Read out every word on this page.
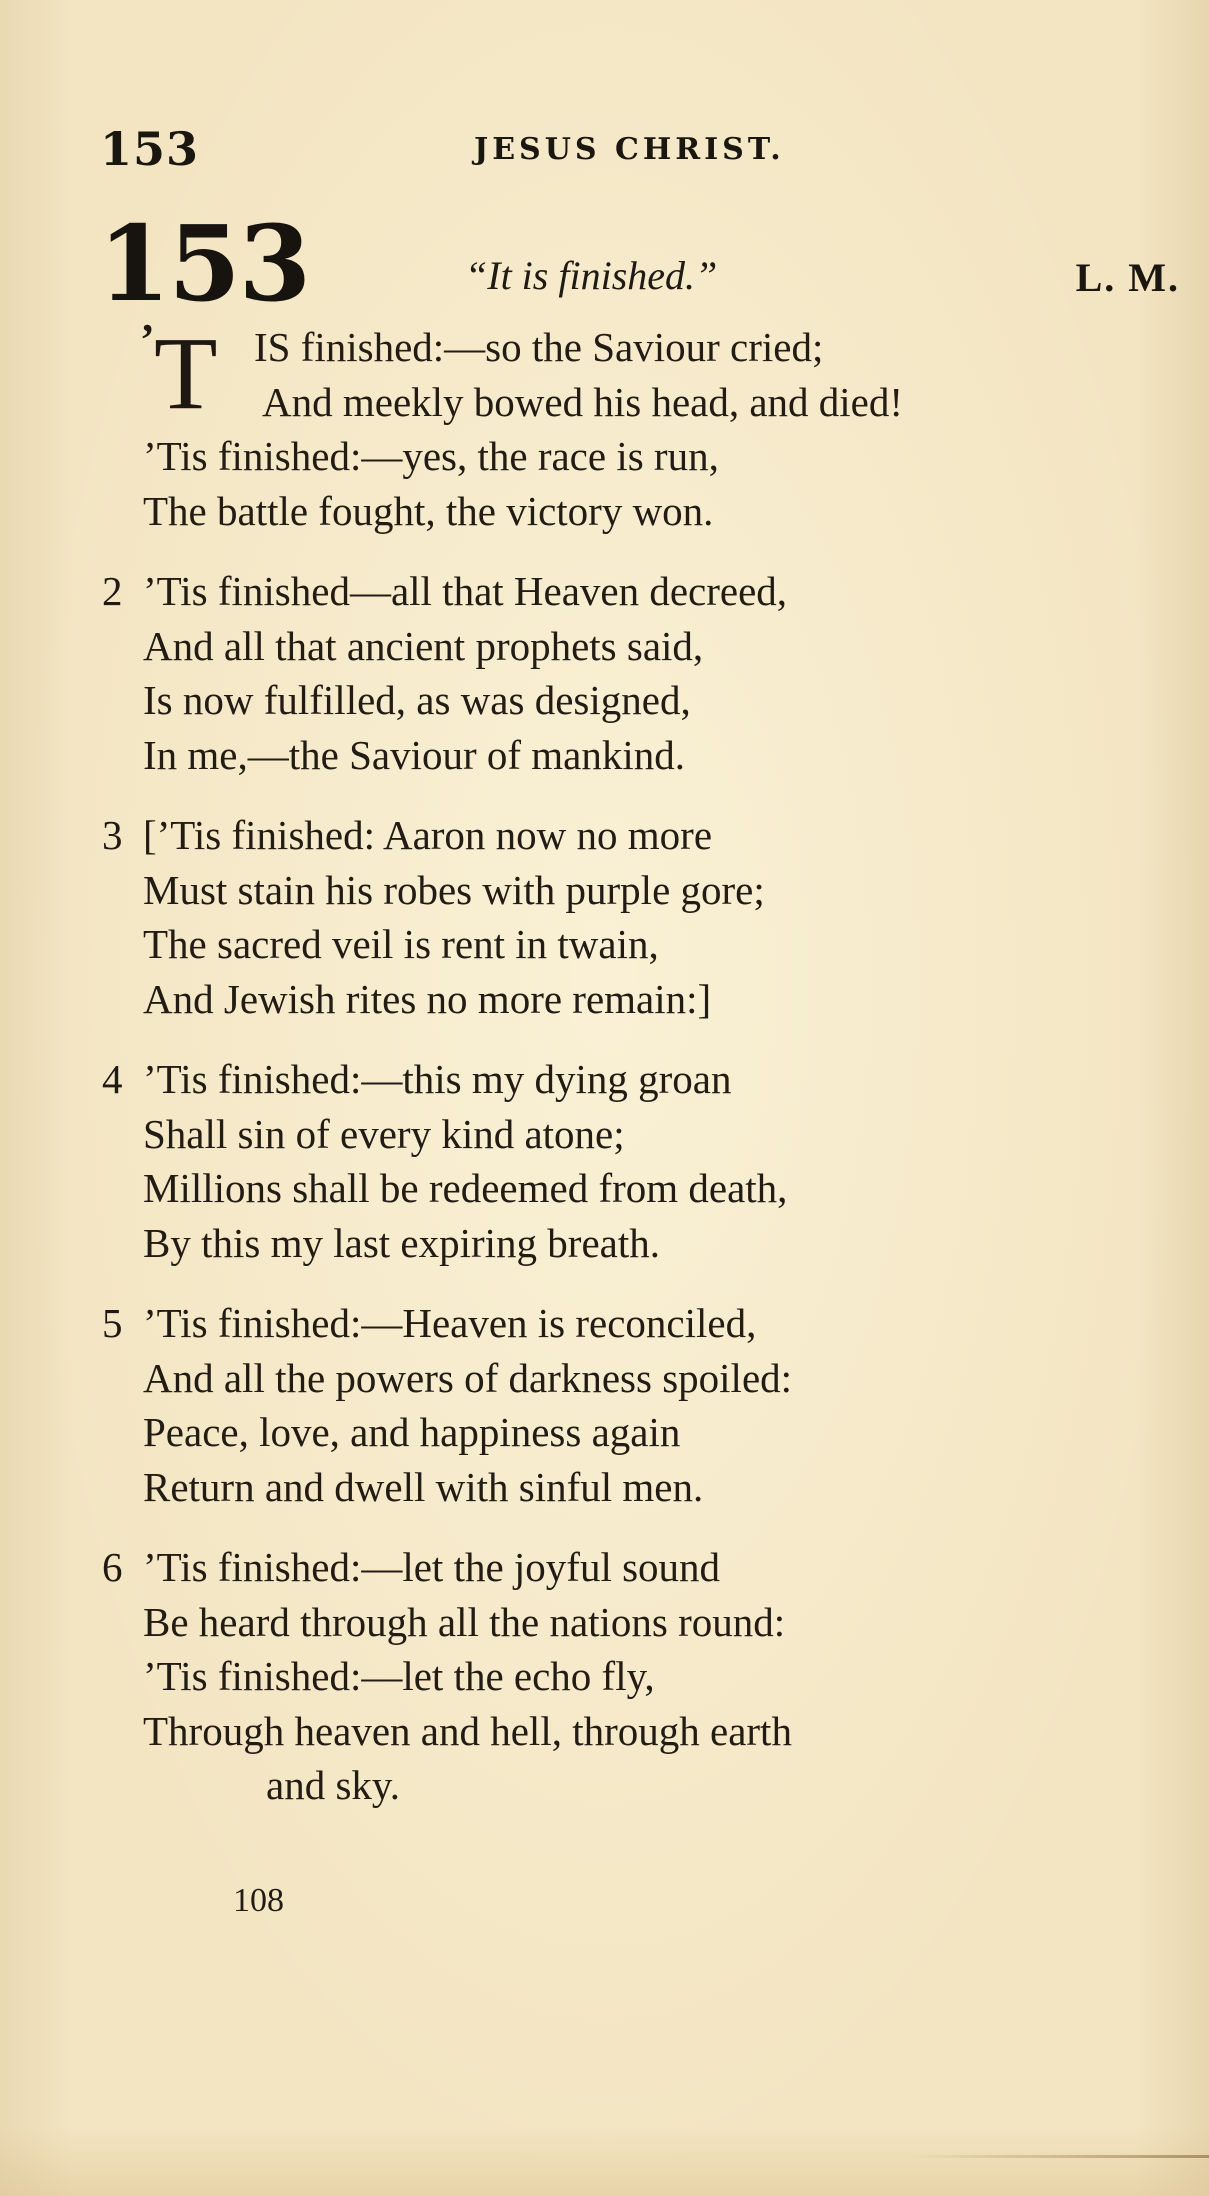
153	JESUS CHRIST.
153	“It is finished.”	L. M.
’ T IS finished:—so the Saviour cried;
And meekly bowed his head, and died!
’Tis finished:—yes, the race is run,
The battle fought, the victory won.
2 ’Tis finished—all that Heaven decreed,
And all that ancient prophets said,
Is now fulfilled, as was designed,
In me,—the Saviour of mankind.
3 [’Tis finished: Aaron now no more
Must stain his robes with purple gore;
The sacred veil is rent in twain,
And Jewish rites no more remain:]
4 ’Tis finished:—this my dying groan
Shall sin of every kind atone;
Millions shall be redeemed from death,
By this my last expiring breath.
5 ’Tis finished:—Heaven is reconciled,
And all the powers of darkness spoiled:
Peace, love, and happiness again
Return and dwell with sinful men.
6 ’Tis finished:—let the joyful sound
Be heard through all the nations round:
’Tis finished:—let the echo fly,
Through heaven and hell, through earth
and sky.
108
